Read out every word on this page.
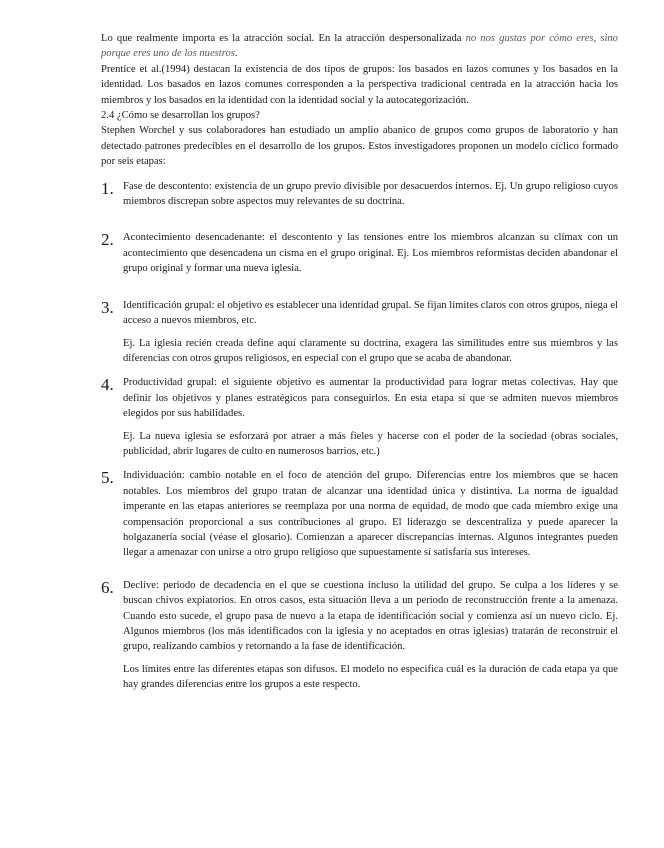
Lo que realmente importa es la atracción social. En la atracción despersonalizada no nos gustas por cómo eres, sino porque eres uno de los nuestros.

Prentice et al.(1994) destacan la existencia de dos tipos de grupos: los basados en lazos comunes y los basados en la identidad. Los basados en lazos comunes corresponden a la perspectiva tradicional centrada en la atracción hacia los miembros y los basados en la identidad con la identidad social y la autocategorización.

2.4 ¿Cómo se desarrollan los grupos?

Stephen Worchel y sus colaboradores han estudiado un amplio abanico de grupos como grupos de laboratorio y han detectado patrones predecibles en el desarrollo de los grupos. Estos investigadores proponen un modelo cíclico formado por seis etapas:

1. Fase de descontento: existencia de un grupo previo divisible por desacuerdos internos. Ej. Un grupo religioso cuyos miembros discrepan sobre aspectos muy relevantes de su doctrina.

2. Acontecimiento desencadenante: el descontento y las tensiones entre los miembros alcanzan su clímax con un acontecimiento que desencadena un cisma en el grupo original. Ej. Los miembros reformistas deciden abandonar el grupo original y formar una nueva iglesia.

3. Identificación grupal: el objetivo es establecer una identidad grupal. Se fijan límites claros con otros grupos, niega el acceso a nuevos miembros, etc.

Ej. La iglesia recién creada define aquí claramente su doctrina, exagera las similitudes entre sus miembros y las diferencias con otros grupos religiosos, en especial con el grupo que se acaba de abandonar.

4. Productividad grupal: el siguiente objetivo es aumentar la productividad para lograr metas colectivas. Hay que definir los objetivos y planes estratégicos para conseguirlos. En esta etapa sí que se admiten nuevos miembros elegidos por sus habilidades.

Ej. La nueva iglesia se esforzará por atraer a más fieles y hacerse con el poder de la sociedad (obras sociales, publicidad, abrir lugares de culto en numerosos barrios, etc.)

5. Individuación: cambio notable en el foco de atención del grupo. Diferencias entre los miembros que se hacen notables. Los miembros del grupo tratan de alcanzar una identidad única y distintiva. La norma de igualdad imperante en las etapas anteriores se reemplaza por una norma de equidad, de modo que cada miembro exige una compensación proporcional a sus contribuciones al grupo. El liderazgo se descentraliza y puede aparecer la holgazanería social (véase el glosario). Comienzan a aparecer discrepancias internas. Algunos integrantes pueden llegar a amenazar con unirse a otro grupo religioso que supuestamente sí satisfaría sus intereses.

6. Declive: periodo de decadencia en el que se cuestiona incluso la utilidad del grupo. Se culpa a los líderes y se buscan chivos expiatorios. En otros casos, esta situación lleva a un periodo de reconstrucción frente a la amenaza. Cuando esto sucede, el grupo pasa de nuevo a la etapa de identificación social y comienza así un nuevo ciclo. Ej. Algunos miembros (los más identificados con la iglesia y no aceptados en otras iglesias) tratarán de reconstruir el grupo, realizando cambios y retornando a la fase de identificación.

Los límites entre las diferentes etapas son difusos. El modelo no especifica cuál es la duración de cada etapa ya que hay grandes diferencias entre los grupos a este respecto.
